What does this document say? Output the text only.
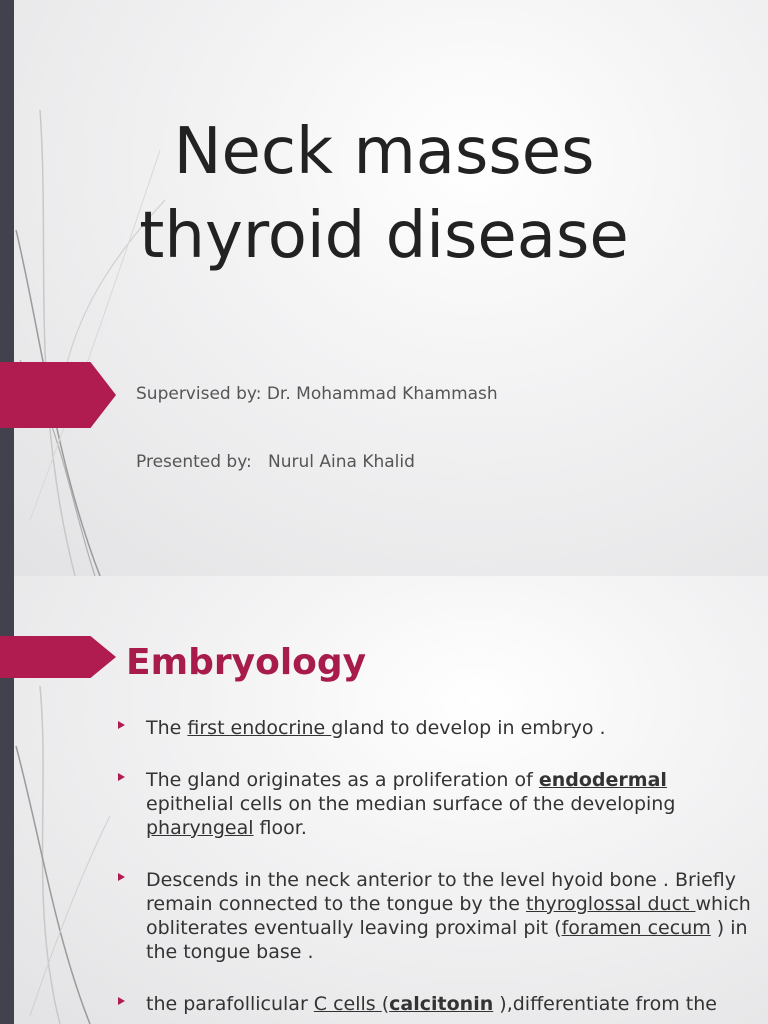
Neck masses
thyroid disease
Supervised by: Dr. Mohammad Khammash
Presented by:   Nurul Aina Khalid
Embryology
The first endocrine gland to develop in embryo .
The gland originates as a proliferation of endodermal epithelial cells on the median surface of the developing pharyngeal floor.
Descends in the neck anterior to the level hyoid bone . Briefly remain connected to the tongue by the thyroglossal duct which obliterates eventually leaving proximal pit (foramen cecum ) in the tongue base .
the parafollicular C cells (calcitonin ),differentiate from the
